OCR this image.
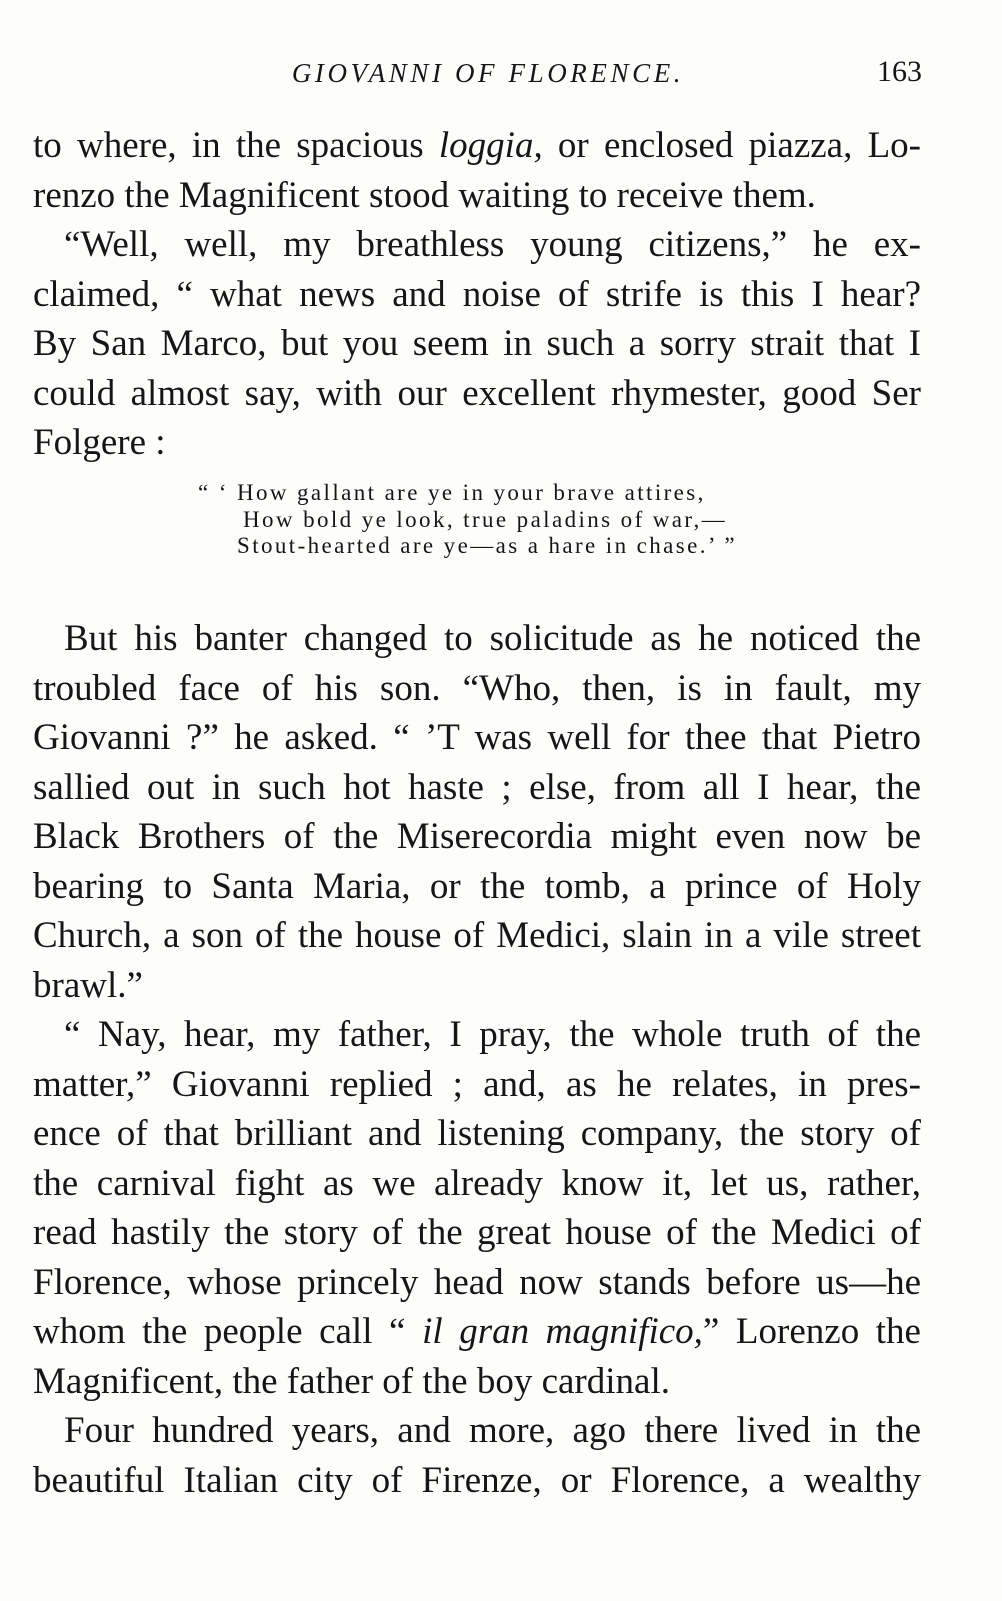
GIOVANNI OF FLORENCE.	163
to where, in the spacious loggia, or enclosed piazza, Lo-
renzo the Magnificent stood waiting to receive them.
“Well, well, my breathless young citizens,” he ex-
claimed, “ what news and noise of strife is this I hear?
By San Marco, but you seem in such a sorry strait that I
could almost say, with our excellent rhymester, good Ser
Folgere :
“ ‘ How gallant are ye in your brave attires,
How bold ye look, true paladins of war,—
Stout-hearted are ye—as a hare in chase.’ ”
But his banter changed to solicitude as he noticed the
troubled face of his son. “Who, then, is in fault, my
Giovanni ?” he asked. “ ’T was well for thee that Pietro
sallied out in such hot haste ; else, from all I hear, the
Black Brothers of the Miserecordia might even now be
bearing to Santa Maria, or the tomb, a prince of Holy
Church, a son of the house of Medici, slain in a vile street
brawl.”
“ Nay, hear, my father, I pray, the whole truth of the
matter,” Giovanni replied ; and, as he relates, in pres-
ence of that brilliant and listening company, the story of
the carnival fight as we already know it, let us, rather,
read hastily the story of the great house of the Medici of
Florence, whose princely head now stands before us—he
whom the people call “ il gran magnifico,” Lorenzo the
Magnificent, the father of the boy cardinal.
Four hundred years, and more, ago there lived in the
beautiful Italian city of Firenze, or Florence, a wealthy
